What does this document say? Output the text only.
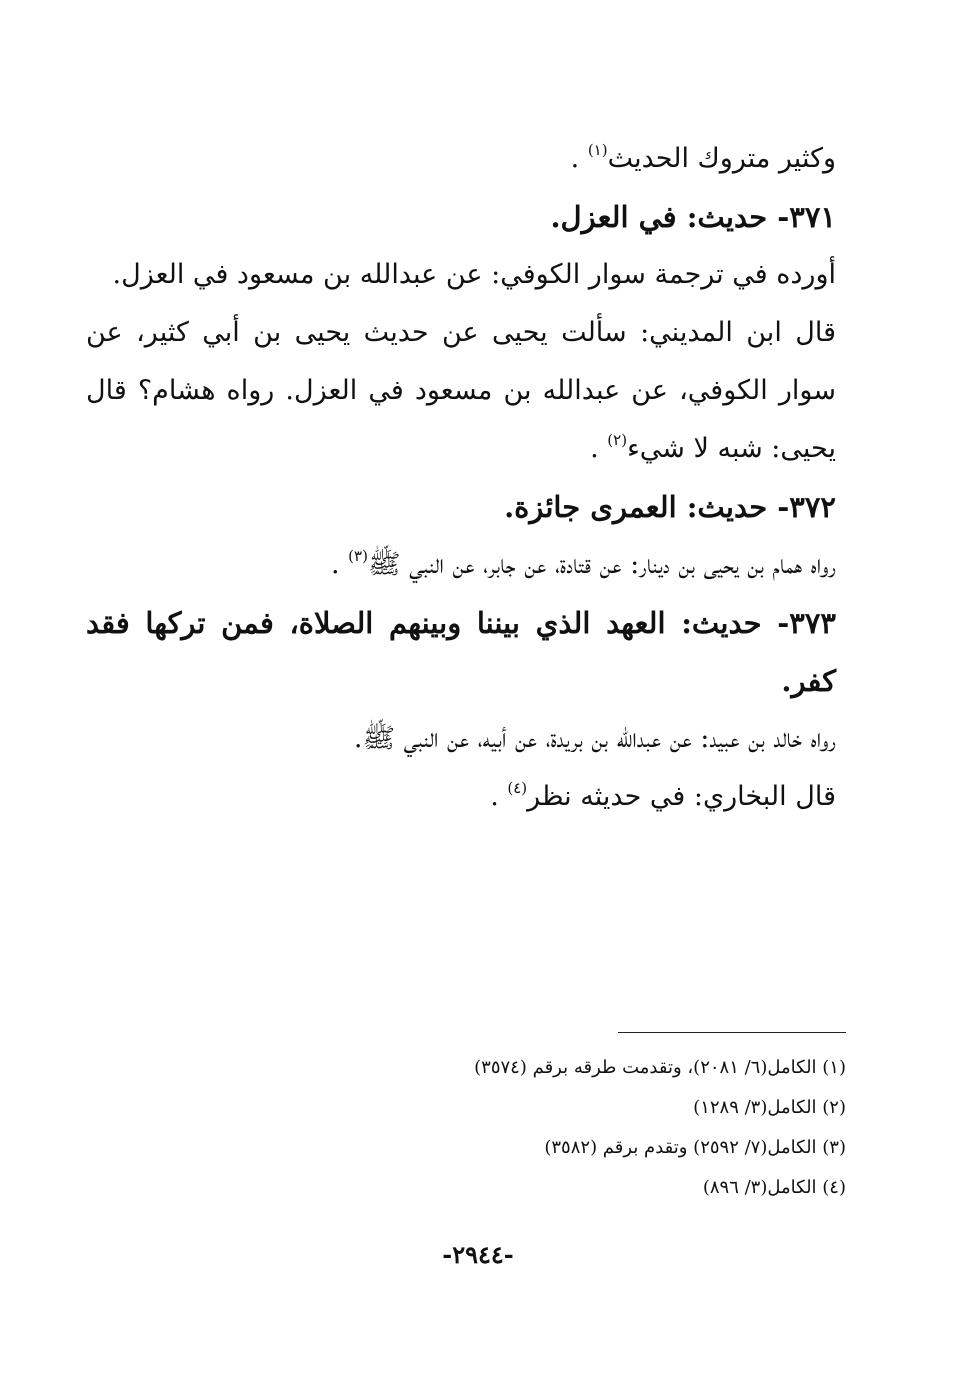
وكثير متروك الحديث$^{(١)}$ .

٣٧١- حديث: في العزل.

أورده في ترجمة سوار الكوفي: عن عبدالله بن مسعود في العزل.

قال ابن المديني: سألت يحيى عن حديث يحيى بن أبي كثير، عن سوار الكوفي، عن عبدالله بن مسعود في العزل. رواه هشام؟ قال يحيى: شبه لا شيء$^{(٢)}$ .

٣٧٢- حديث: العمرى جائزة.

رواه همام بن يحيى بن دينار: عن قتادة، عن جابر، عن النبي ﷺ$^{(٣)}$ .

٣٧٣- حديث: العهد الذي بيننا وبينهم الصلاة، فمن تركها فقد كفر.

رواه خالد بن عبيد: عن عبدالله بن بريدة، عن أبيه، عن النبي ﷺ.

قال البخاري: في حديثه نظر$^{(٤)}$ .

(١) الكامل(٦/ ٢٠٨١)، وتقدمت طرقه برقم (٣٥٧٤)

(٢) الكامل(٣/ ١٢٨٩)

(٣) الكامل(٧/ ٢٥٩٢) وتقدم برقم (٣٥٨٢)

(٤) الكامل(٣/ ٨٩٦)

-٢٩٤٤-
